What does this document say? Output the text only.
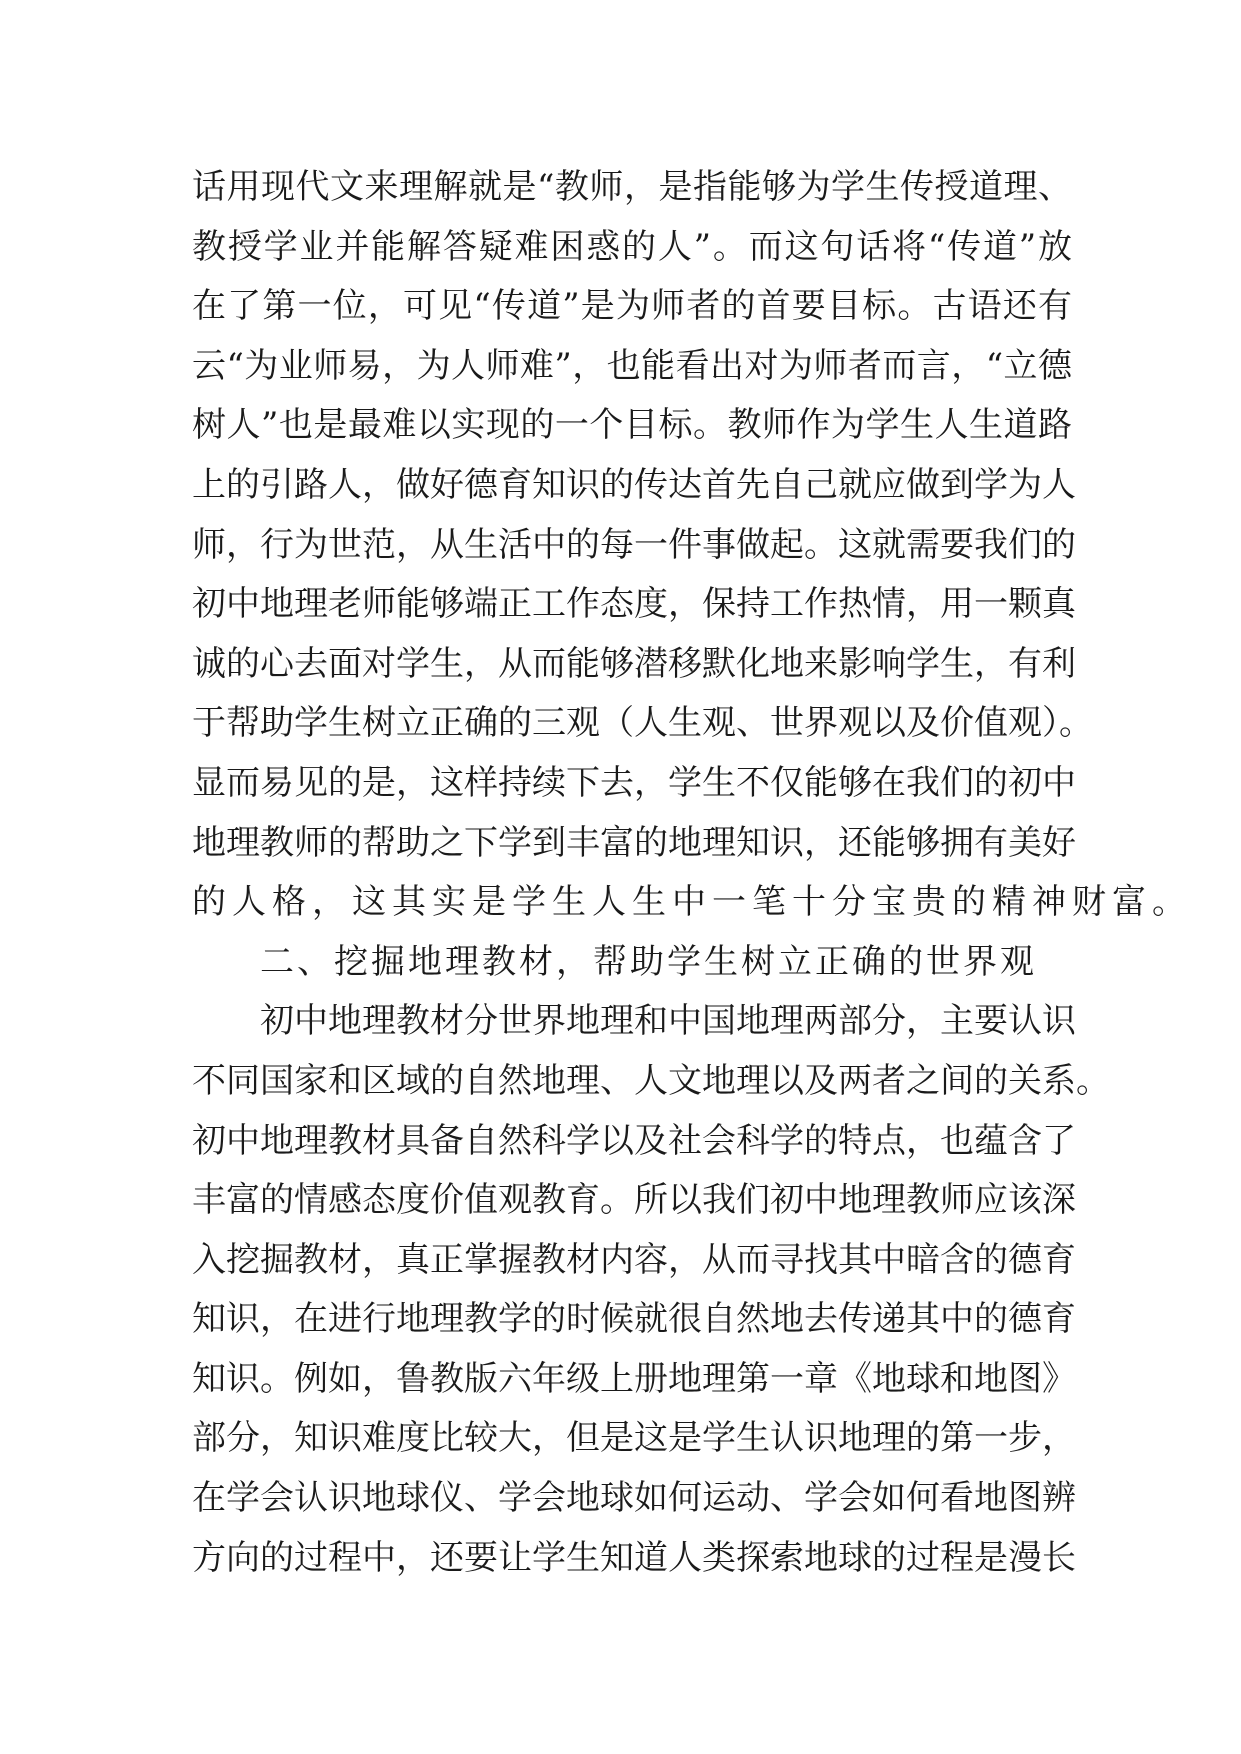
话用现代文来理解就是“教师，是指能够为学生传授道理、
教授学业并能解答疑难困惑的人”。而这句话将“传道”放
在了第一位，可见“传道”是为师者的首要目标。古语还有
云“为业师易，为人师难”，也能看出对为师者而言，“立德
树人”也是最难以实现的一个目标。教师作为学生人生道路
上的引路人，做好德育知识的传达首先自己就应做到学为人
师，行为世范，从生活中的每一件事做起。这就需要我们的
初中地理老师能够端正工作态度，保持工作热情，用一颗真
诚的心去面对学生，从而能够潜移默化地来影响学生，有利
于帮助学生树立正确的三观（人生观、世界观以及价值观）。
显而易见的是，这样持续下去，学生不仅能够在我们的初中
地理教师的帮助之下学到丰富的地理知识，还能够拥有美好
的人格，这其实是学生人生中一笔十分宝贵的精神财富。
二、挖掘地理教材，帮助学生树立正确的世界观
初中地理教材分世界地理和中国地理两部分，主要认识
不同国家和区域的自然地理、人文地理以及两者之间的关系。
初中地理教材具备自然科学以及社会科学的特点，也蕴含了
丰富的情感态度价值观教育。所以我们初中地理教师应该深
入挖掘教材，真正掌握教材内容，从而寻找其中暗含的德育
知识，在进行地理教学的时候就很自然地去传递其中的德育
知识。例如，鲁教版六年级上册地理第一章《地球和地图》
部分，知识难度比较大，但是这是学生认识地理的第一步，
在学会认识地球仪、学会地球如何运动、学会如何看地图辨
方向的过程中，还要让学生知道人类探索地球的过程是漫长
